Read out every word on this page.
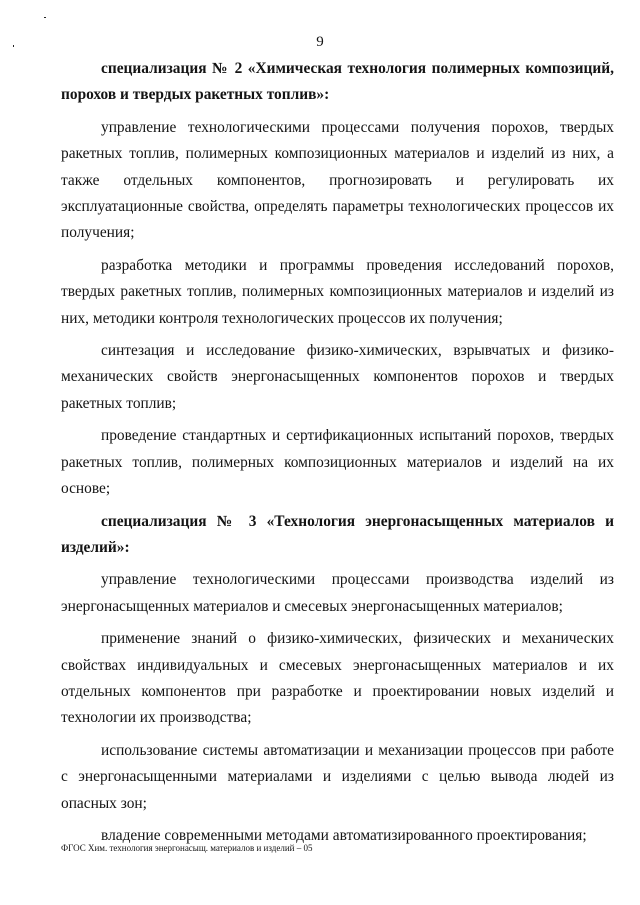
9

специализация № 2 «Химическая технология полимерных композиций, порохов и твердых ракетных топлив»:

управление технологическими процессами получения порохов, твердых ракетных топлив, полимерных композиционных материалов и изделий из них, а также отдельных компонентов, прогнозировать и регулировать их эксплуатационные свойства, определять параметры технологических процессов их получения;

разработка методики и программы проведения исследований порохов, твердых ракетных топлив, полимерных композиционных материалов и изделий из них, методики контроля технологических процессов их получения;

синтезация и исследование физико-химических, взрывчатых и физико-механических свойств энергонасыщенных компонентов порохов и твердых ракетных топлив;

проведение стандартных и сертификационных испытаний порохов, твердых ракетных топлив, полимерных композиционных материалов и изделий на их основе;

специализация № 3 «Технология энергонасыщенных материалов и изделий»:

управление технологическими процессами производства изделий из энергонасыщенных материалов и смесевых энергонасыщенных материалов;

применение знаний о физико-химических, физических и механических свойствах индивидуальных и смесевых энергонасыщенных материалов и их отдельных компонентов при разработке и проектировании новых изделий и технологии их производства;

использование системы автоматизации и механизации процессов при работе с энергонасыщенными материалами и изделиями с целью вывода людей из опасных зон;

владение современными методами автоматизированного проектирования;

ФГОС Хим. технология энергонасыщ. материалов и изделий – 05
